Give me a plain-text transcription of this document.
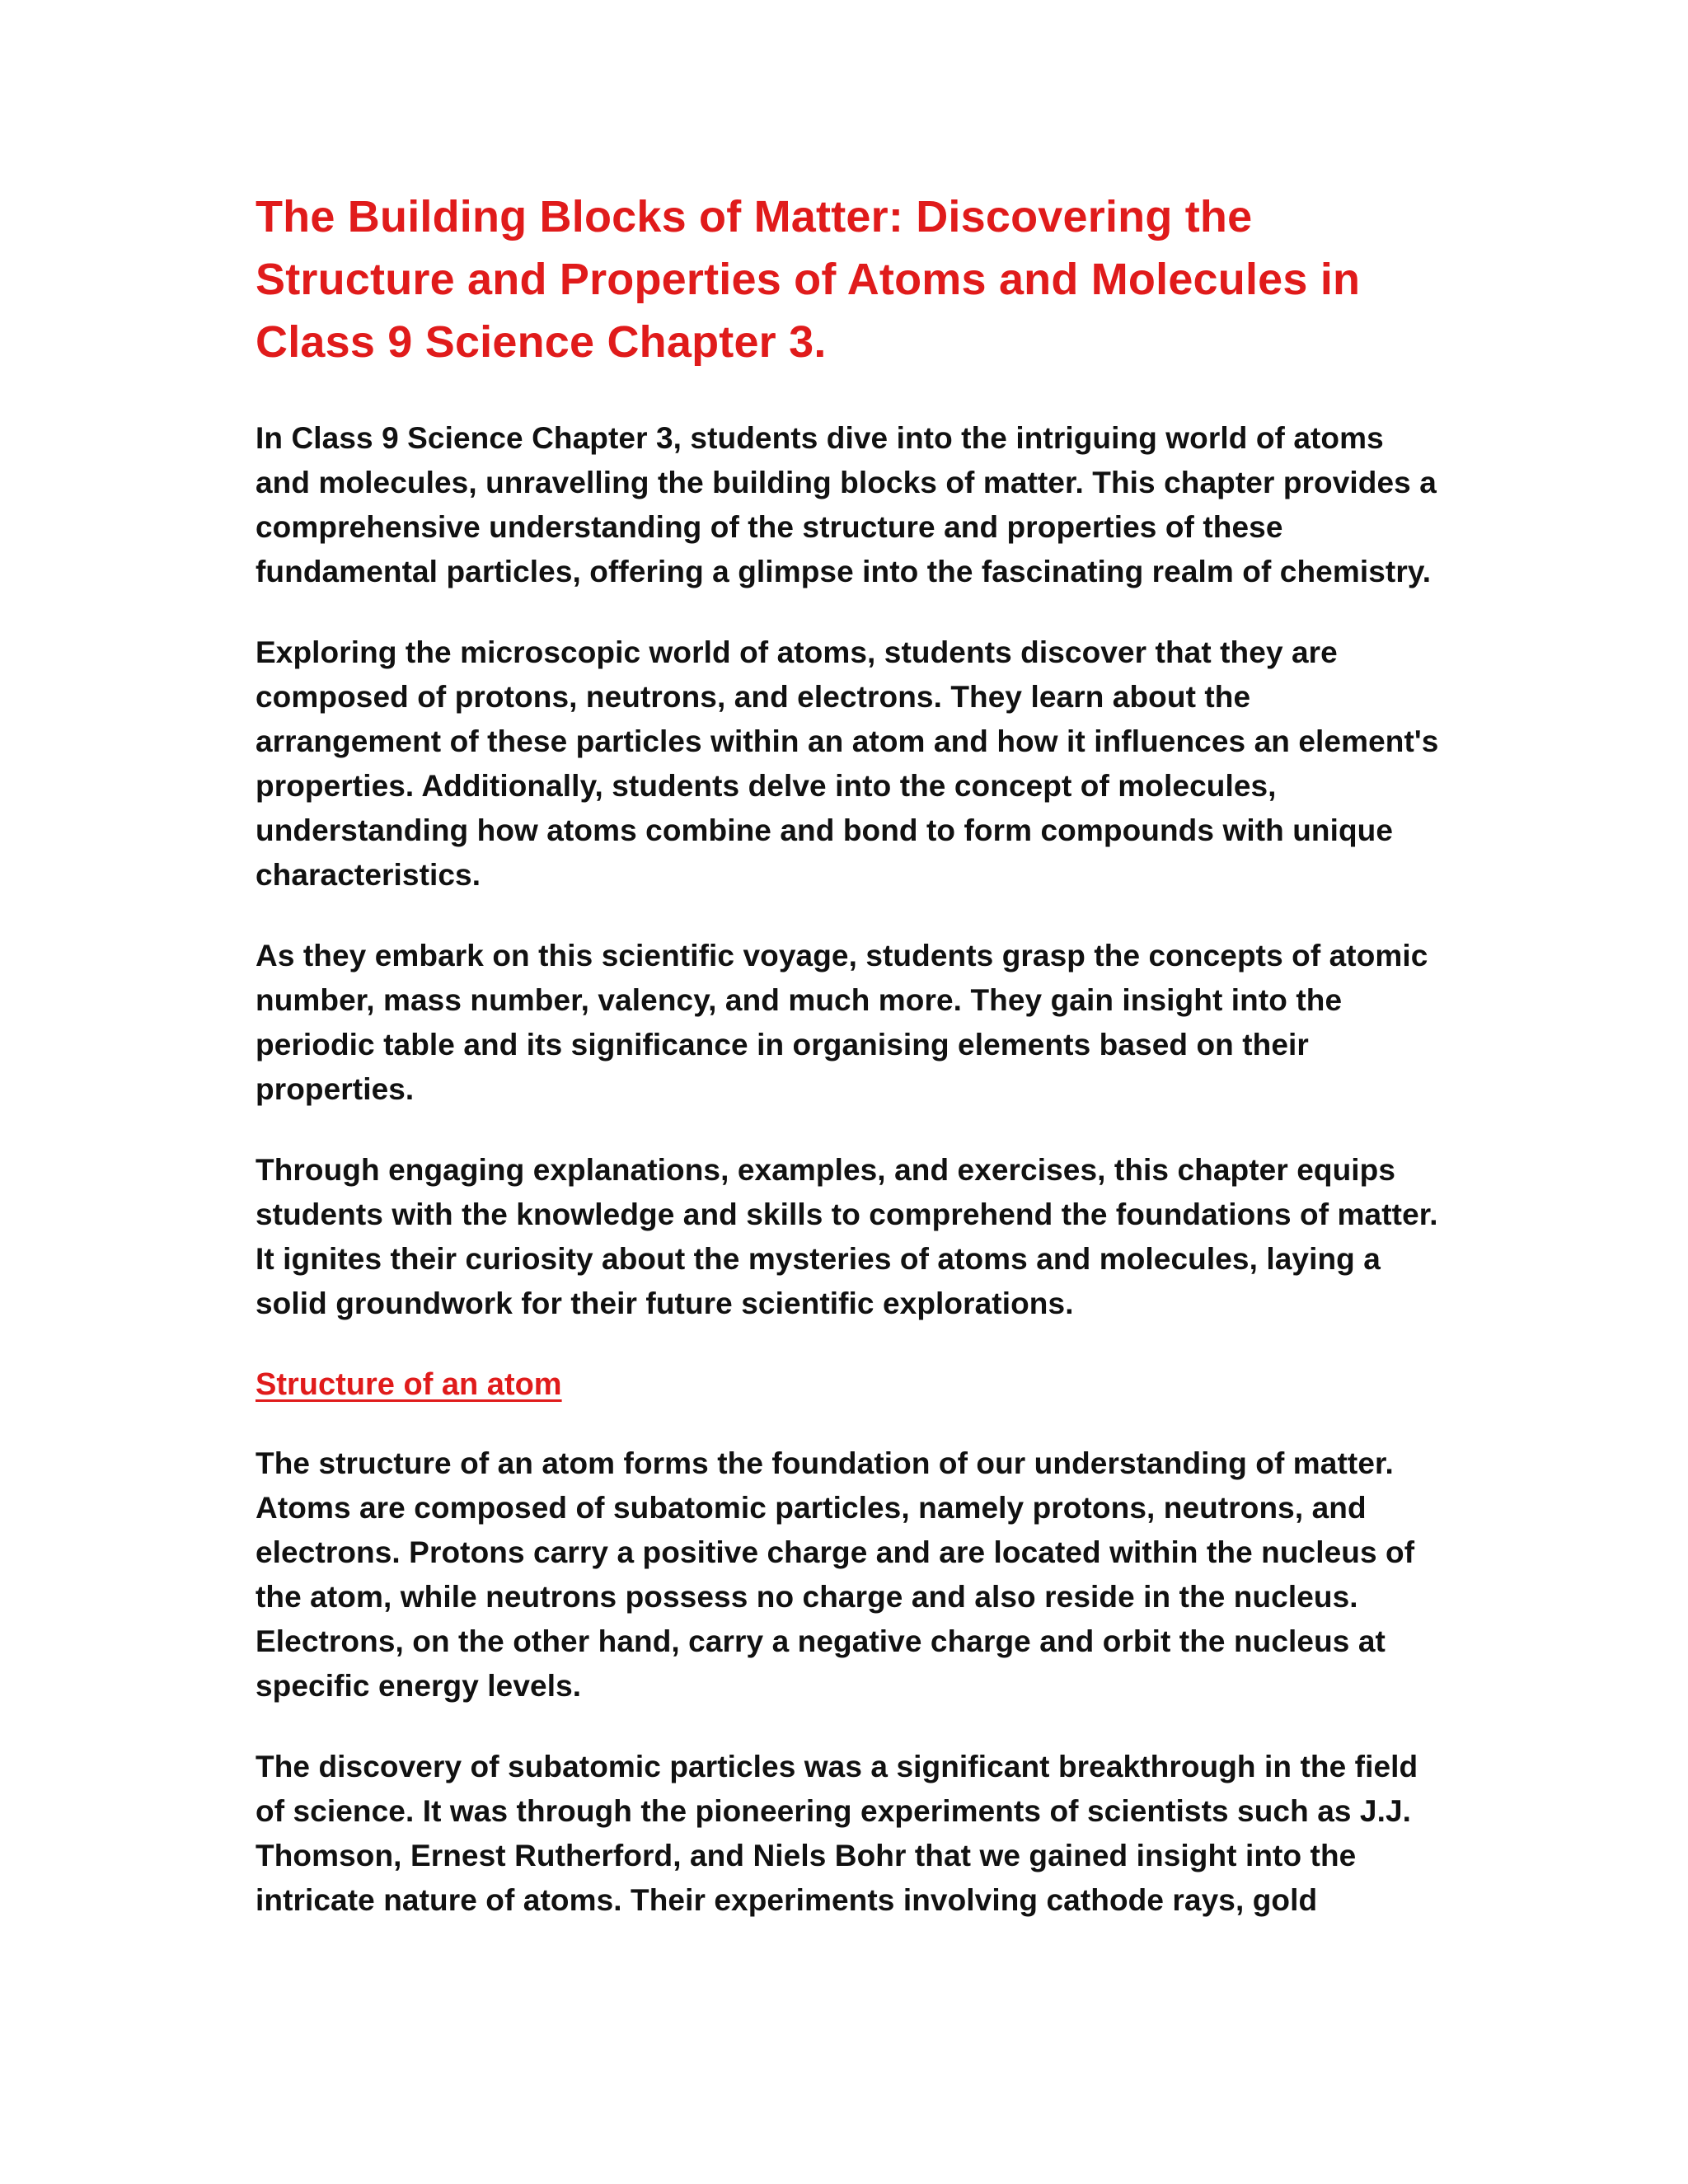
The Building Blocks of Matter: Discovering the Structure and Properties of Atoms and Molecules in Class 9 Science Chapter 3.

In Class 9 Science Chapter 3, students dive into the intriguing world of atoms and molecules, unravelling the building blocks of matter. This chapter provides a comprehensive understanding of the structure and properties of these fundamental particles, offering a glimpse into the fascinating realm of chemistry.

Exploring the microscopic world of atoms, students discover that they are composed of protons, neutrons, and electrons. They learn about the arrangement of these particles within an atom and how it influences an element's properties. Additionally, students delve into the concept of molecules, understanding how atoms combine and bond to form compounds with unique characteristics.

As they embark on this scientific voyage, students grasp the concepts of atomic number, mass number, valency, and much more. They gain insight into the periodic table and its significance in organising elements based on their properties.

Through engaging explanations, examples, and exercises, this chapter equips students with the knowledge and skills to comprehend the foundations of matter. It ignites their curiosity about the mysteries of atoms and molecules, laying a solid groundwork for their future scientific explorations.

Structure of an atom

The structure of an atom forms the foundation of our understanding of matter. Atoms are composed of subatomic particles, namely protons, neutrons, and electrons. Protons carry a positive charge and are located within the nucleus of the atom, while neutrons possess no charge and also reside in the nucleus. Electrons, on the other hand, carry a negative charge and orbit the nucleus at specific energy levels.

The discovery of subatomic particles was a significant breakthrough in the field of science. It was through the pioneering experiments of scientists such as J.J. Thomson, Ernest Rutherford, and Niels Bohr that we gained insight into the intricate nature of atoms. Their experiments involving cathode rays, gold
